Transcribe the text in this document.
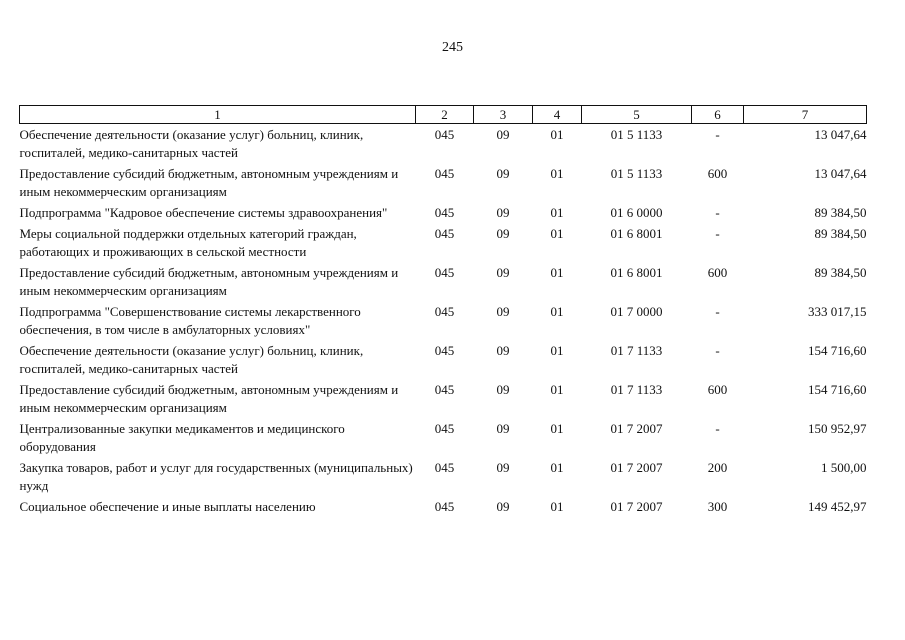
245
1	2	3	4	5	6	7
Обеспечение деятельности (оказание услуг) больниц, клиник, госпиталей, медико-санитарных частей	045	09	01	01 5 1133	-	13 047,64
Предоставление субсидий бюджетным, автономным учреждениям и иным некоммерческим организациям	045	09	01	01 5 1133	600	13 047,64
Подпрограмма "Кадровое обеспечение системы здравоохранения"	045	09	01	01 6 0000	-	89 384,50
Меры социальной поддержки отдельных категорий граждан, работающих и проживающих в сельской местности	045	09	01	01 6 8001	-	89 384,50
Предоставление субсидий бюджетным, автономным учреждениям и иным некоммерческим организациям	045	09	01	01 6 8001	600	89 384,50
Подпрограмма "Совершенствование системы лекарственного обеспечения, в том числе в амбулаторных условиях"	045	09	01	01 7 0000	-	333 017,15
Обеспечение деятельности (оказание услуг) больниц, клиник, госпиталей, медико-санитарных частей	045	09	01	01 7 1133	-	154 716,60
Предоставление субсидий бюджетным, автономным учреждениям и иным некоммерческим организациям	045	09	01	01 7 1133	600	154 716,60
Централизованные закупки медикаментов и медицинского оборудования	045	09	01	01 7 2007	-	150 952,97
Закупка товаров, работ и услуг для государственных (муниципальных) нужд	045	09	01	01 7 2007	200	1 500,00
Социальное обеспечение и иные выплаты населению	045	09	01	01 7 2007	300	149 452,97
